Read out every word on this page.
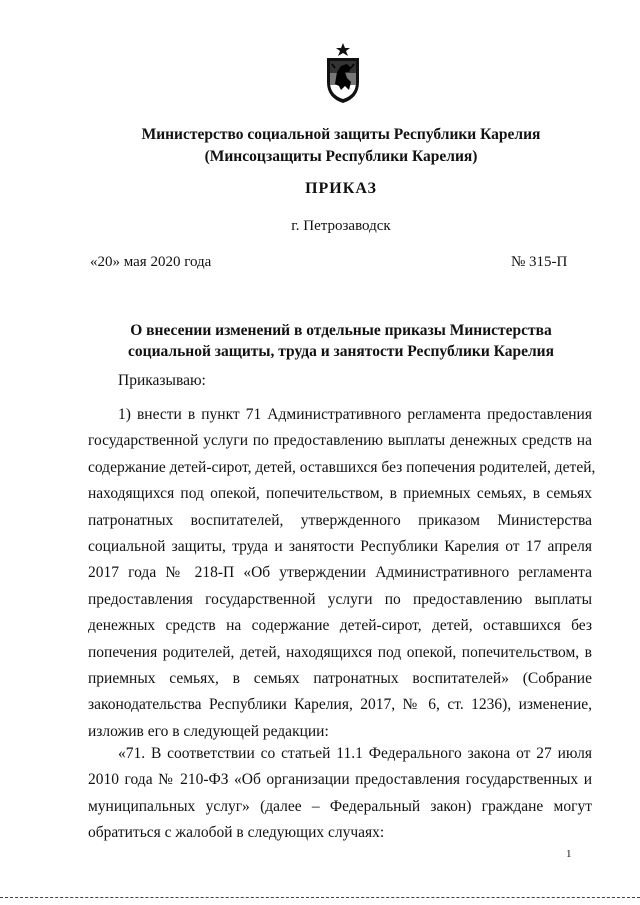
Министерство социальной защиты Республики Карелия
(Минсоцзащиты Республики Карелия)
ПРИКАЗ
г. Петрозаводск
«20» мая 2020 года	№ 315-П
О внесении изменений в отдельные приказы Министерства
социальной защиты, труда и занятости Республики Карелия
Приказываю:
1) внести в пункт 71 Административного регламента предоставления
государственной услуги по предоставлению выплаты денежных средств на
содержание детей-сирот, детей, оставшихся без попечения родителей, детей,
находящихся под опекой, попечительством, в приемных семьях, в семьях
патронатных воспитателей, утвержденного приказом Министерства
социальной защиты, труда и занятости Республики Карелия от 17 апреля
2017 года № 218-П «Об утверждении Административного регламента
предоставления государственной услуги по предоставлению выплаты
денежных средств на содержание детей-сирот, детей, оставшихся без
попечения родителей, детей, находящихся под опекой, попечительством, в
приемных семьях, в семьях патронатных воспитателей» (Собрание
законодательства Республики Карелия, 2017, № 6, ст. 1236), изменение,
изложив его в следующей редакции:
«71. В соответствии со статьей 11.1 Федерального закона от 27 июля
2010 года № 210-ФЗ «Об организации предоставления государственных и
муниципальных услуг» (далее – Федеральный закон) граждане могут
обратиться с жалобой в следующих случаях:
1
